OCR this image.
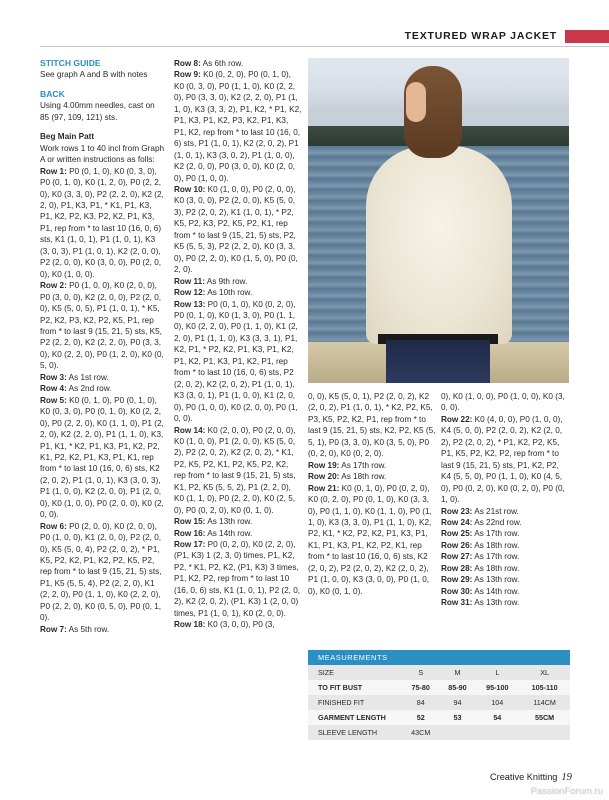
TEXTURED WRAP JACKET

STITCH GUIDE

See graph A and B with notes

BACK

Using 4.00mm needles, cast on 85 (97, 109, 121) sts.

Beg Main Patt

Work rows 1 to 40 incl from Graph A or written instructions as folls:

Row 1: P0 (0, 1, 0), K0 (0, 3, 0), P0 (0, 1, 0), K0 (1, 2, 0), P0 (2, 2, 0), K0 (3, 3, 0), P2 (2, 2, 0), K2 (2, 2, 0), P1, K3, P1, * K1, P1, K3, P1, K2, P2, K3, P2, K2, P1, K3, P1, rep from * to last 10 (16, 0, 6) sts, K1 (1, 0, 1), P1 (1, 0, 1), K3 (3, 0, 3), P1 (1, 0, 1), K2 (2, 0, 0), P2 (2, 0, 0), K0 (3, 0, 0), P0 (2, 0, 0), K0 (1, 0, 0).

Row 2: P0 (1, 0, 0), K0 (2, 0, 0), P0 (3, 0, 0), K2 (2, 0, 0), P2 (2, 0, 0), K5 (5, 0, 5), P1 (1, 0, 1), * K5, P2, K2, P3, K2, P2, K5, P1, rep from * to last 9 (15, 21, 5) sts, K5, P2 (2, 2, 0), K2 (2, 2, 0), P0 (3, 3, 0), K0 (2, 2, 0), P0 (1, 2, 0), K0 (0, 5, 0).

Row 3: As 1st row.

Row 4: As 2nd row.

Row 5: K0 (0, 1, 0), P0 (0, 1, 0), K0 (0, 3, 0), P0 (0, 1, 0), K0 (2, 2, 0), P0 (2, 2, 0), K0 (1, 1, 0), P1 (2, 2, 0), K2 (2, 2, 0), P1 (1, 1, 0), K3, P1, K1, * K2, P1, K3, P1, K2, P2, K1, P2, K2, P1, K3, P1, K1, rep from * to last 10 (16, 0, 6) sts, K2 (2, 0, 2), P1 (1, 0, 1), K3 (3, 0, 3), P1 (1, 0, 0), K2 (2, 0, 0), P1 (2, 0, 0), K0 (1, 0, 0), P0 (2, 0, 0), K0 (2, 0, 0).

Row 6: P0 (2, 0, 0), K0 (2, 0, 0), P0 (1, 0, 0), K1 (2, 0, 0), P2 (2, 0, 0), K5 (5, 0, 4), P2 (2, 0, 2), * P1, K5, P2, K2, P1, K2, P2, K5, P2, rep from * to last 9 (15, 21, 5) sts, P1, K5 (5, 5, 4), P2 (2, 2, 0), K1 (2, 2, 0), P0 (1, 1, 0), K0 (2, 2, 0), P0 (2, 2, 0), K0 (0, 5, 0), P0 (0, 1, 0).

Row 7: As 5th row.

Row 8: As 6th row.

Row 9: K0 (0, 2, 0), P0 (0, 1, 0), K0 (0, 3, 0), P0 (1, 1, 0), K0 (2, 2, 0), P0 (3, 3, 0), K2 (2, 2, 0), P1 (1, 1, 0), K3 (3, 3, 2), P1, K2, * P1, K2, P1, K3, P1, K2, P3, K2, P1, K3, P1, K2, rep from * to last 10 (16, 0, 6) sts, P1 (1, 0, 1), K2 (2, 0, 2), P1 (1, 0, 1), K3 (3, 0, 2), P1 (1, 0, 0), K2 (2, 0, 0), P0 (3, 0, 0), K0 (2, 0, 0), P0 (1, 0, 0).

Row 10: K0 (1, 0, 0), P0 (2, 0, 0), K0 (3, 0, 0), P2 (2, 0, 0), K5 (5, 0, 3), P2 (2, 0, 2), K1 (1, 0, 1), * P2, K5, P2, K3, P2, K5, P2, K1, rep from * to last 9 (15, 21, 5) sts, P2, K5 (5, 5, 3), P2 (2, 2, 0), K0 (3, 3, 0), P0 (2, 2, 0), K0 (1, 5, 0), P0 (0, 2, 0).

Row 11: As 9th row.

Row 12: As 10th row.

Row 13: P0 (0, 1, 0), K0 (0, 2, 0), P0 (0, 1, 0), K0 (1, 3, 0), P0 (1, 1, 0), K0 (2, 2, 0), P0 (1, 1, 0), K1 (2, 2, 0), P1 (1, 1, 0), K3 (3, 3, 1), P1, K2, P1, * P2, K2, P1, K3, P1, K2, P1, K2, P1, K3, P1, K2, P1, rep from * to last 10 (16, 0, 6) sts, P2 (2, 0, 2), K2 (2, 0, 2), P1 (1, 0, 1), K3 (3, 0, 1), P1 (1, 0, 0), K1 (2, 0, 0), P0 (1, 0, 0), K0 (2, 0, 0), P0 (1, 0, 0).

Row 14: K0 (2, 0, 0), P0 (2, 0, 0), K0 (1, 0, 0), P1 (2, 0, 0), K5 (5, 0, 2), P2 (2, 0, 2), K2 (2, 0, 2), * K1, P2, K5, P2, K1, P2, K5, P2, K2, rep from * to last 9 (15, 21, 5) sts, K1, P2, K5 (5, 5, 2), P1 (2, 2, 0), K0 (1, 1, 0), P0 (2, 2, 0), K0 (2, 5, 0), P0 (0, 2, 0), K0 (0, 1, 0).

Row 15: As 13th row.

Row 16: As 14th row.

Row 17: P0 (0, 2, 0), K0 (2, 2, 0), (P1, K3) 1 (2, 3, 0) times, P1, K2, P2, * K1, P2, K2, (P1, K3) 3 times, P1, K2, P2, rep from * to last 10 (16, 0, 6) sts, K1 (1, 0, 1), P2 (2, 0, 2), K2 (2, 0, 2), (P1, K3) 1 (2, 0, 0) times, P1 (1, 0, 1), K0 (2, 0, 0).

Row 18: K0 (3, 0, 0), P0 (3,

0, 0), K5 (5, 0, 1), P2 (2, 0, 2), K2 (2, 0, 2), P1 (1, 0, 1), * K2, P2, K5, P3, K5, P2, K2, P1, rep from * to last 9 (15, 21, 5) sts, K2, P2, K5 (5, 5, 1), P0 (3, 3, 0), K0 (3, 5, 0), P0 (0, 2, 0), K0 (0, 2, 0).

Row 19: As 17th row.

Row 20: As 18th row.

Row 21: K0 (0, 1, 0), P0 (0, 2, 0), K0 (0, 2, 0), P0 (0, 1, 0), K0 (3, 3, 0), P0 (1, 1, 0), K0 (1, 1, 0), P0 (1, 1, 0), K3 (3, 3, 0), P1 (1, 1, 0), K2, P2, K1, * K2, P2, K2, P1, K3, P1, K1, P1, K3, P1, K2, P2, K1, rep from * to last 10 (16, 0, 6) sts, K2 (2, 0, 2), P2 (2, 0, 2), K2 (2, 0, 2), P1 (1, 0, 0), K3 (3, 0, 0), P0 (1, 0, 0), K0 (0, 1, 0).

0), K0 (1, 0, 0), P0 (1, 0, 0), K0 (3, 0, 0).

Row 22: K0 (4, 0, 0), P0 (1, 0, 0), K4 (5, 0, 0), P2 (2, 0, 2), K2 (2, 0, 2), P2 (2, 0, 2), * P1, K2, P2, K5, P1, K5, P2, K2, P2, rep from * to last 9 (15, 21, 5) sts, P1, K2, P2, K4 (5, 5, 0), P0 (1, 1, 0), K0 (4, 5, 0), P0 (0, 2, 0), K0 (0, 2, 0), P0 (0, 1, 0).

Row 23: As 21st row.

Row 24: As 22nd row.

Row 25: As 17th row.

Row 26: As 18th row.

Row 27: As 17th row.

Row 28: As 18th row.

Row 29: As 13th row.

Row 30: As 14th row.

Row 31: As 13th row.

MEASUREMENTS
SIZE	S	M	L	XL
TO FIT BUST	75-80	85-90	95-100	105-110
FINISHED FIT	84	94	104	114CM
GARMENT LENGTH	52	53	54	55CM
SLEEVE LENGTH	43CM			
Creative Knitting 19
PassionForum.ru
